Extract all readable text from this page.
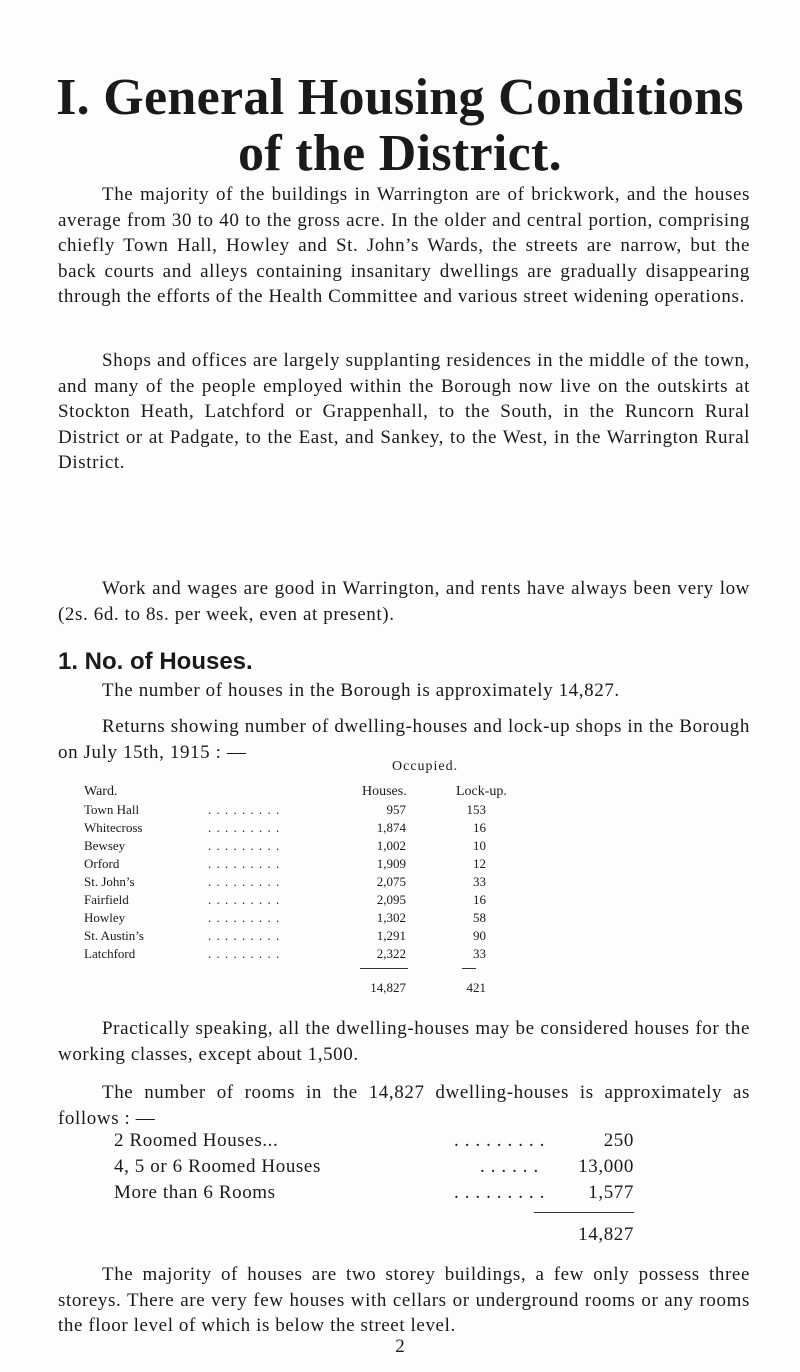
I. General Housing Conditions
of the District.

The majority of the buildings in Warrington are of brickwork, and the houses average from 30 to 40 to the gross acre. In the older and central portion, comprising chiefly Town Hall, Howley and St. John’s Wards, the streets are narrow, but the back courts and alleys containing insanitary dwellings are gradually disappearing through the efforts of the Health Committee and various street widening operations.

Shops and offices are largely supplanting residences in the middle of the town, and many of the people employed within the Borough now live on the outskirts at Stockton Heath, Latchford or Grappenhall, to the South, in the Runcorn Rural District or at Padgate, to the East, and Sankey, to the West, in the Warrington Rural District.

Work and wages are good in Warrington, and rents have always been very low (2s. 6d. to 8s. per week, even at present).

1. No. of Houses.

The number of houses in the Borough is approximately 14,827.

Returns showing number of dwelling-houses and lock-up shops in the Borough on July 15th, 1915 : —

Occupied.

Ward.	Houses.	Lock-up.
Town Hall	. . . . . . . . .	957	153
Whitecross	. . . . . . . . .	1,874	16
Bewsey	. . . . . . . . .	1,002	10
Orford	. . . . . . . . .	1,909	12
St. John’s	. . . . . . . . .	2,075	33
Fairfield	. . . . . . . . .	2,095	16
Howley	. . . . . . . . .	1,302	58
St. Austin’s	. . . . . . . . .	1,291	90
Latchford	. . . . . . . . .	2,322	33
14,827	421

Practically speaking, all the dwelling-houses may be considered houses for the working classes, except about 1,500.

The number of rooms in the 14,827 dwelling-houses is approximately as follows : —

2 Roomed Houses...	. . . . . . . . .	250
4, 5 or 6 Roomed Houses	. . . . . . 13,000
More than 6 Rooms	. . . . . . . . . 1,577
14,827

The majority of houses are two storey buildings, a few only possess three storeys. There are very few houses with cellars or underground rooms or any rooms the floor level of which is below the street level.

2
